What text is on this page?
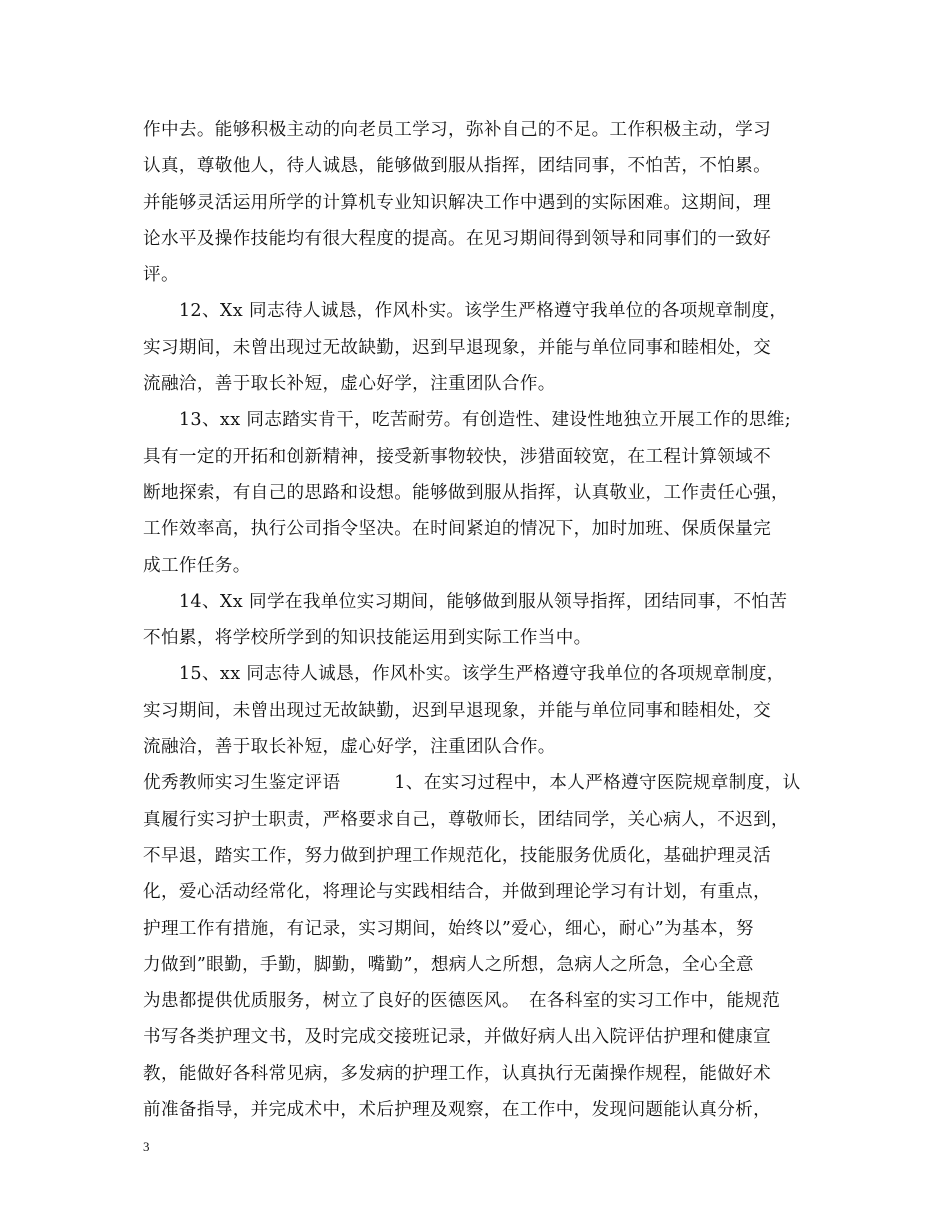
作中去。能够积极主动的向老员工学习，弥补自己的不足。工作积极主动，学习
认真，尊敬他人，待人诚恳，能够做到服从指挥，团结同事，不怕苦，不怕累。
并能够灵活运用所学的计算机专业知识解决工作中遇到的实际困难。这期间，理
论水平及操作技能均有很大程度的提高。在见习期间得到领导和同事们的一致好
评。
　　12、Xx 同志待人诚恳，作风朴实。该学生严格遵守我单位的各项规章制度，
实习期间，未曾出现过无故缺勤，迟到早退现象，并能与单位同事和睦相处，交
流融洽，善于取长补短，虚心好学，注重团队合作。
　　13、xx 同志踏实肯干，吃苦耐劳。有创造性、建设性地独立开展工作的思维;
具有一定的开拓和创新精神，接受新事物较快，涉猎面较宽，在工程计算领域不
断地探索，有自己的思路和设想。能够做到服从指挥，认真敬业，工作责任心强，
工作效率高，执行公司指令坚决。在时间紧迫的情况下，加时加班、保质保量完
成工作任务。
　　14、Xx 同学在我单位实习期间，能够做到服从领导指挥，团结同事，不怕苦
不怕累，将学校所学到的知识技能运用到实际工作当中。
　　15、xx 同志待人诚恳，作风朴实。该学生严格遵守我单位的各项规章制度，
实习期间，未曾出现过无故缺勤，迟到早退现象，并能与单位同事和睦相处，交
流融洽，善于取长补短，虚心好学，注重团队合作。
优秀教师实习生鉴定评语　　　1、在实习过程中，本人严格遵守医院规章制度，认
真履行实习护士职责，严格要求自己，尊敬师长，团结同学，关心病人，不迟到，
不早退，踏实工作，努力做到护理工作规范化，技能服务优质化，基础护理灵活
化，爱心活动经常化，将理论与实践相结合，并做到理论学习有计划，有重点，
护理工作有措施，有记录，实习期间，始终以”爱心，细心，耐心”为基本，努
力做到”眼勤，手勤，脚勤，嘴勤”，想病人之所想，急病人之所急，全心全意
为患都提供优质服务，树立了良好的医德医风。　在各科室的实习工作中，能规范
书写各类护理文书，及时完成交接班记录，并做好病人出入院评估护理和健康宣
教，能做好各科常见病，多发病的护理工作，认真执行无菌操作规程，能做好术
前准备指导，并完成术中，术后护理及观察，在工作中，发现问题能认真分析，
3
